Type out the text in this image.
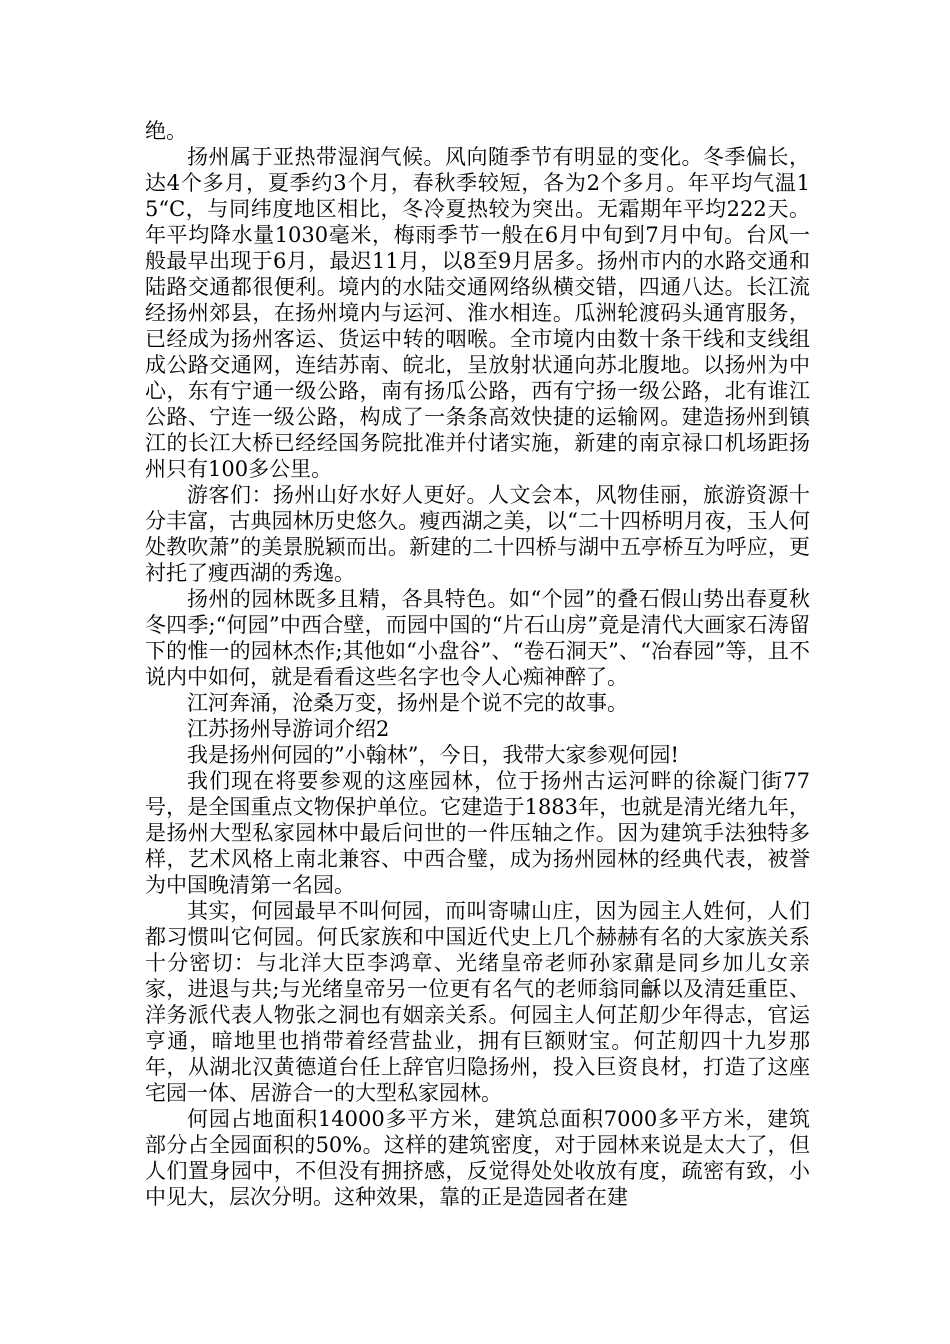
绝。

扬州属于亚热带湿润气候。风向随季节有明显的变化。冬季偏长，达4个多月，夏季约3个月，春秋季较短，各为2个多月。年平均气温15“C，与同纬度地区相比，冬冷夏热较为突出。无霜期年平均222天。年平均降水量1030毫米，梅雨季节一般在6月中旬到7月中旬。台风一般最早出现于6月，最迟11月，以8至9月居多。扬州市内的水路交通和陆路交通都很便利。境内的水陆交通网络纵横交错，四通八达。长江流经扬州郊县，在扬州境内与运河、淮水相连。瓜洲轮渡码头通宵服务，已经成为扬州客运、货运中转的咽喉。全市境内由数十条干线和支线组成公路交通网，连结苏南、皖北，呈放射状通向苏北腹地。以扬州为中心，东有宁通一级公路，南有扬瓜公路，西有宁扬一级公路，北有谁江公路、宁连一级公路，构成了一条条高效快捷的运输网。建造扬州到镇江的长江大桥已经经国务院批准并付诸实施，新建的南京禄口机场距扬州只有100多公里。

游客们：扬州山好水好人更好。人文会本，风物佳丽，旅游资源十分丰富，古典园林历史悠久。瘦西湖之美，以“二十四桥明月夜，玉人何处教吹萧”的美景脱颖而出。新建的二十四桥与湖中五亭桥互为呼应，更衬托了瘦西湖的秀逸。

扬州的园林既多且精，各具特色。如“个园”的叠石假山势出春夏秋冬四季;“何园”中西合壁，而园中国的“片石山房”竟是清代大画家石涛留下的惟一的园林杰作;其他如“小盘谷”、“卷石洞天”、“冶春园”等，且不说内中如何，就是看看这些名字也令人心痴神醉了。

江河奔涌，沧桑万变，扬州是个说不完的故事。

江苏扬州导游词介绍2

我是扬州何园的”小翰林”，今日，我带大家参观何园!

我们现在将要参观的这座园林，位于扬州古运河畔的徐凝门街77号，是全国重点文物保护单位。它建造于1883年，也就是清光绪九年，是扬州大型私家园林中最后问世的一件压轴之作。因为建筑手法独特多样，艺术风格上南北兼容、中西合璧，成为扬州园林的经典代表，被誉为中国晚清第一名园。

其实，何园最早不叫何园，而叫寄啸山庄，因为园主人姓何，人们都习惯叫它何园。何氏家族和中国近代史上几个赫赫有名的大家族关系十分密切：与北洋大臣李鸿章、光绪皇帝老师孙家鼐是同乡加儿女亲家，进退与共;与光绪皇帝另一位更有名气的老师翁同龢以及清廷重臣、洋务派代表人物张之洞也有姻亲关系。何园主人何芷舠少年得志，官运亨通，暗地里也捎带着经营盐业，拥有巨额财宝。何芷舠四十九岁那年，从湖北汉黄德道台任上辞官归隐扬州，投入巨资良材，打造了这座宅园一体、居游合一的大型私家园林。

何园占地面积14000多平方米，建筑总面积7000多平方米，建筑部分占全园面积的50%。这样的建筑密度，对于园林来说是太大了，但人们置身园中，不但没有拥挤感，反觉得处处收放有度，疏密有致，小中见大，层次分明。这种效果，靠的正是造园者在建
